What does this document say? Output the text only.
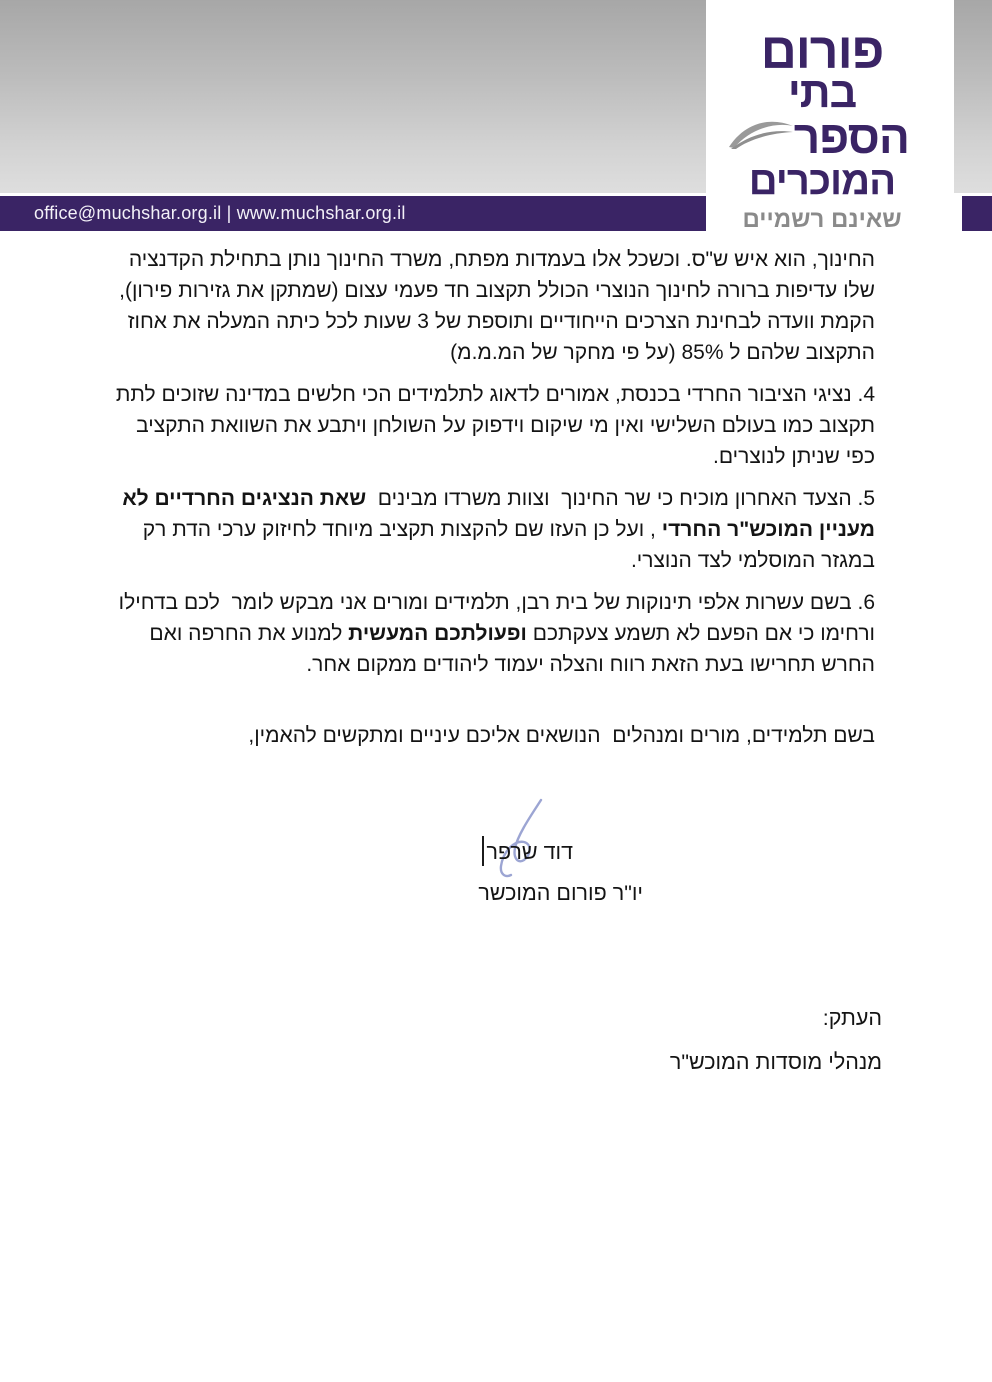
office@muchshar.org.il | www.muchshar.org.il
פורום
בתי
הספר
המוכרים
שאינם רשמיים

החינוך, הוא איש ש"ס. וכשכל אלו בעמדות מפתח, משרד החינוך נותן בתחילת הקדנציה שלו עדיפות ברורה לחינוך הנוצרי הכולל תקצוב חד פעמי עצום (שמתקן את גזירות פירון), הקמת וועדה לבחינת הצרכים הייחודיים ותוספת של 3 שעות לכל כיתה המעלה את אחוז התקצוב שלהם ל 85% (על פי מחקר של המ.מ.מ)

4. נציגי הציבור החרדי בכנסת, אמורים לדאוג לתלמידים הכי חלשים במדינה שזוכים לתת תקצוב כמו בעולם השלישי ואין מי שיקום וידפוק על השולחן ויתבע את השוואת התקציב כפי שניתן לנוצרים.

5. הצעד האחרון מוכיח כי שר החינוך  וצוות משרדו מבינים  שאת הנציגים החרדיים לא מעניין המוכש"ר החרדי , ועל כן העזו שם להקצות תקציב מיוחד לחיזוק ערכי הדת רק במגזר המוסלמי לצד הנוצרי.

6. בשם עשרות אלפי תינוקות של בית רבן, תלמידים ומורים אני מבקש לומר  לכם בדחילו ורחימו כי אם הפעם לא תשמע צעקתכם ופעולתכם המעשית למנוע את החרפה ואם החרש תחרישו בעת הזאת רווח והצלה יעמוד ליהודים ממקום אחר.

בשם תלמידים, מורים ומנהלים  הנושאים אליכם עיניים ומתקשים להאמין,

דוד שרפר
יו"ר פורום המוכשר
העתק:
מנהלי מוסדות המוכש"ר
